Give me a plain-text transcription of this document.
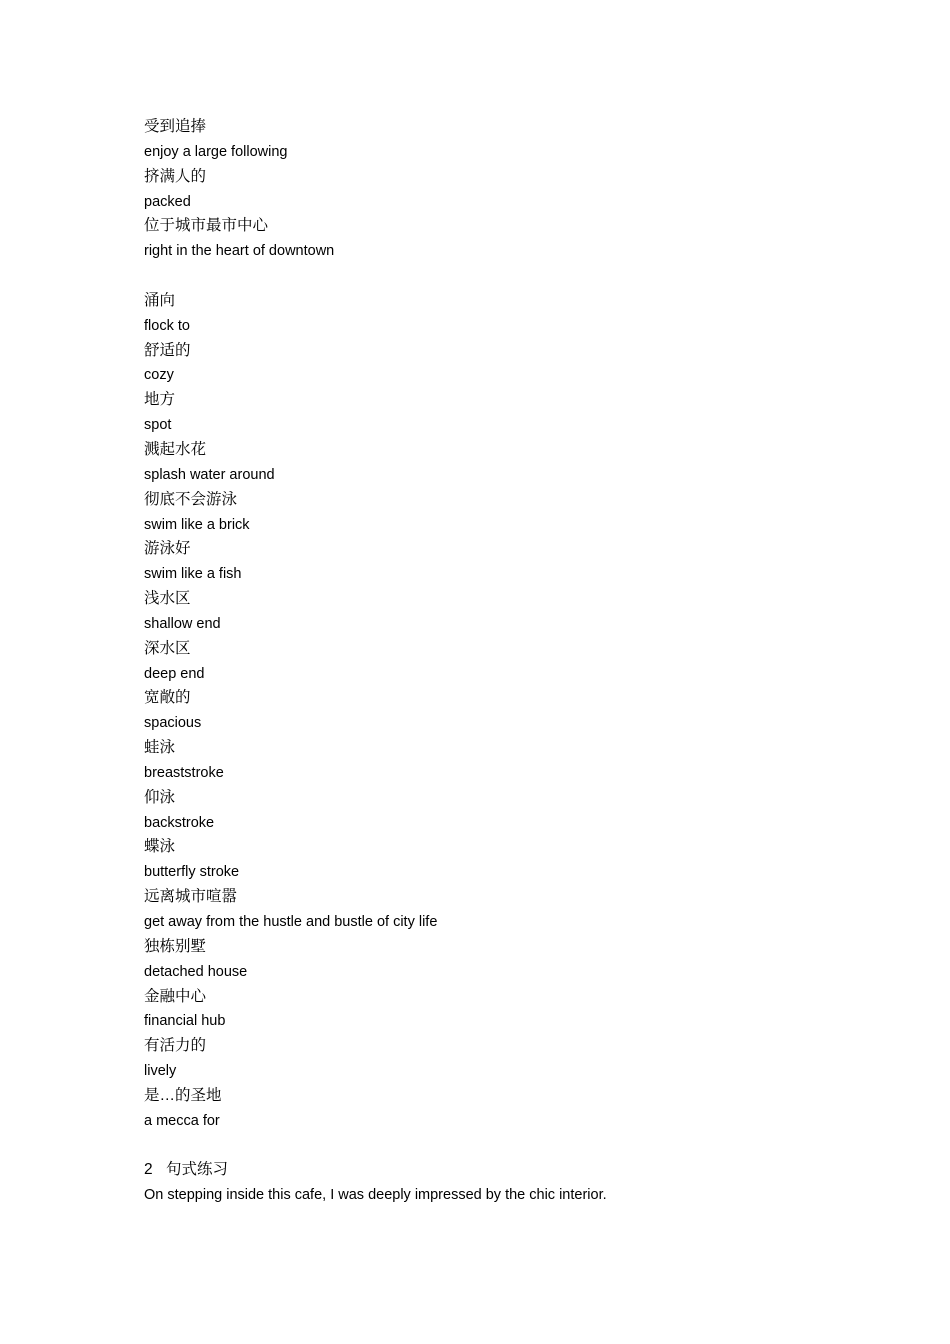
受到追捧
enjoy a large following
挤满人的
packed
位于城市最市中心
right in the heart of downtown
涌向
flock to
舒适的
cozy
地方
spot
溅起水花
splash water around
彻底不会游泳
swim like a brick
游泳好
swim like a fish
浅水区
shallow end
深水区
deep end
宽敞的
spacious
蛙泳
breaststroke
仰泳
backstroke
蝶泳
butterfly stroke
远离城市喧嚣
get away from the hustle and bustle of city life
独栋别墅
detached house
金融中心
financial hub
有活力的
lively
是…的圣地
a mecca for
2 句式练习
On stepping inside this cafe, I was deeply impressed by the chic interior.
